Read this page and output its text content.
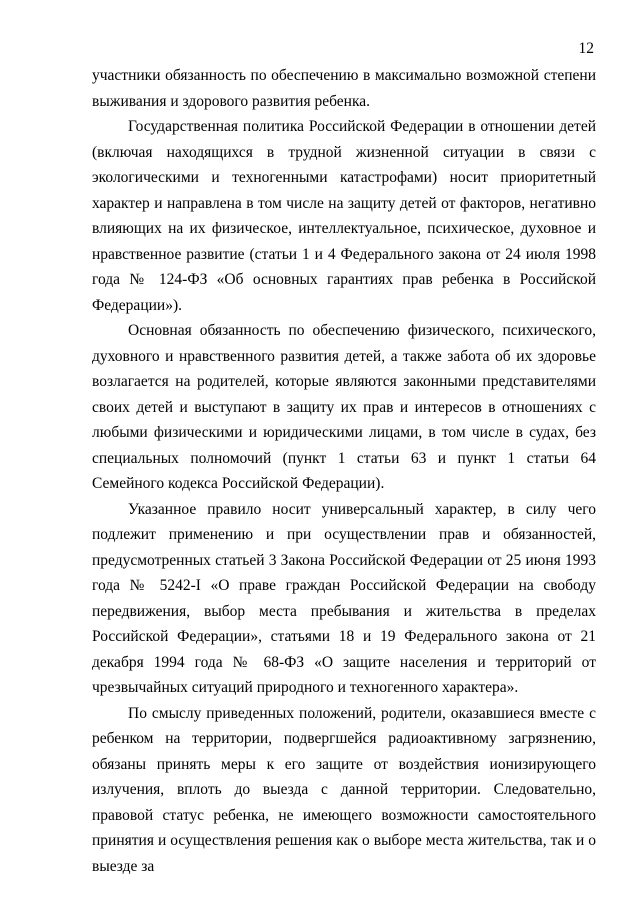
12

участники обязанность по обеспечению в максимально возможной степени выживания и здорового развития ребенка.

Государственная политика Российской Федерации в отношении детей (включая находящихся в трудной жизненной ситуации в связи с экологическими и техногенными катастрофами) носит приоритетный характер и направлена в том числе на защиту детей от факторов, негативно влияющих на их физическое, интеллектуальное, психическое, духовное и нравственное развитие (статьи 1 и 4 Федерального закона от 24 июля 1998 года № 124-ФЗ «Об основных гарантиях прав ребенка в Российской Федерации»).

Основная обязанность по обеспечению физического, психического, духовного и нравственного развития детей, а также забота об их здоровье возлагается на родителей, которые являются законными представителями своих детей и выступают в защиту их прав и интересов в отношениях с любыми физическими и юридическими лицами, в том числе в судах, без специальных полномочий (пункт 1 статьи 63 и пункт 1 статьи 64 Семейного кодекса Российской Федерации).

Указанное правило носит универсальный характер, в силу чего подлежит применению и при осуществлении прав и обязанностей, предусмотренных статьей 3 Закона Российской Федерации от 25 июня 1993 года № 5242-I «О праве граждан Российской Федерации на свободу передвижения, выбор места пребывания и жительства в пределах Российской Федерации», статьями 18 и 19 Федерального закона от 21 декабря 1994 года № 68-ФЗ «О защите населения и территорий от чрезвычайных ситуаций природного и техногенного характера».

По смыслу приведенных положений, родители, оказавшиеся вместе с ребенком на территории, подвергшейся радиоактивному загрязнению, обязаны принять меры к его защите от воздействия ионизирующего излучения, вплоть до выезда с данной территории. Следовательно, правовой статус ребенка, не имеющего возможности самостоятельного принятия и осуществления решения как о выборе места жительства, так и о выезде за
